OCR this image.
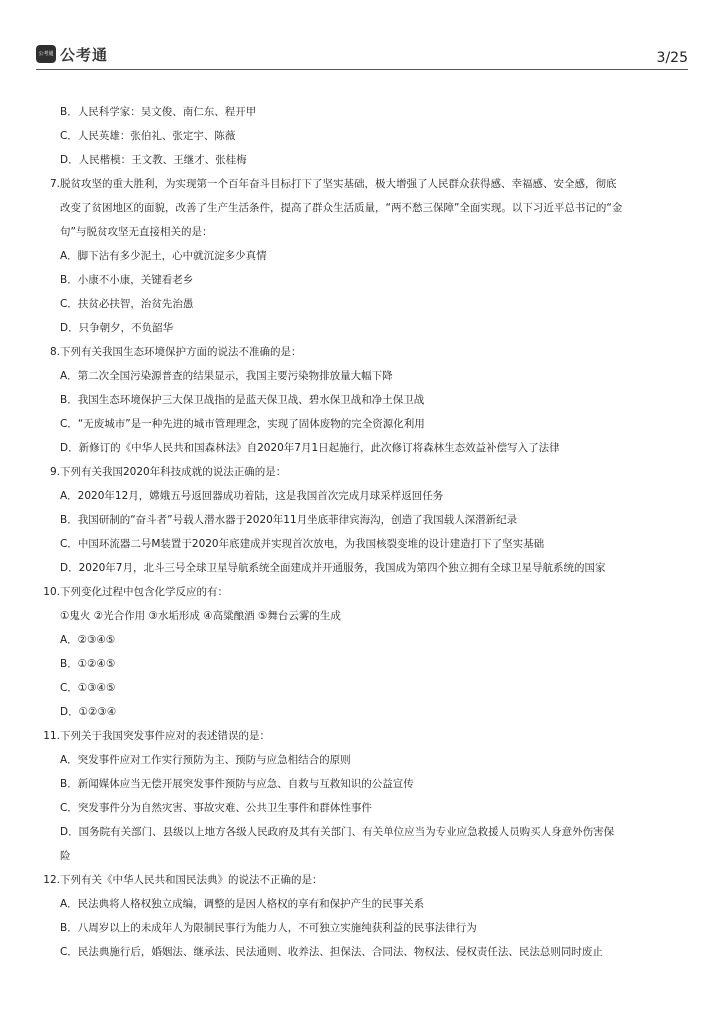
公考通 公考通	3/25
B．人民科学家：吴文俊、南仁东、程开甲
C．人民英雄：张伯礼、张定宇、陈薇
D．人民楷模：王文教、王继才、张桂梅
7. 脱贫攻坚的重大胜利，为实现第一个百年奋斗目标打下了坚实基础，极大增强了人民群众获得感、幸福感、安全感，彻底
改变了贫困地区的面貌，改善了生产生活条件，提高了群众生活质量，“两不愁三保障”全面实现。以下习近平总书记的“金
句”与脱贫攻坚无直接相关的是：
A．脚下沾有多少泥土，心中就沉淀多少真情
B．小康不小康，关键看老乡
C．扶贫必扶智，治贫先治愚
D．只争朝夕，不负韶华
8. 下列有关我国生态环境保护方面的说法不准确的是：
A．第二次全国污染源普查的结果显示，我国主要污染物排放量大幅下降
B．我国生态环境保护三大保卫战指的是蓝天保卫战、碧水保卫战和净土保卫战
C．“无废城市”是一种先进的城市管理理念，实现了固体废物的完全资源化利用
D．新修订的《中华人民共和国森林法》自2020年7月1日起施行，此次修订将森林生态效益补偿写入了法律
9. 下列有关我国2020年科技成就的说法正确的是：
A．2020年12月，嫦娥五号返回器成功着陆，这是我国首次完成月球采样返回任务
B．我国研制的“奋斗者”号载人潜水器于2020年11月坐底菲律宾海沟，创造了我国载人深潜新纪录
C．中国环流器二号M装置于2020年底建成并实现首次放电，为我国核裂变堆的设计建造打下了坚实基础
D．2020年7月，北斗三号全球卫星导航系统全面建成并开通服务，我国成为第四个独立拥有全球卫星导航系统的国家
10. 下列变化过程中包含化学反应的有：
①鬼火 ②光合作用 ③水垢形成 ④高粱酿酒 ⑤舞台云雾的生成
A．②③④⑤
B．①②④⑤
C．①③④⑤
D．①②③④
11. 下列关于我国突发事件应对的表述错误的是：
A．突发事件应对工作实行预防为主、预防与应急相结合的原则
B．新闻媒体应当无偿开展突发事件预防与应急、自救与互救知识的公益宣传
C．突发事件分为自然灾害、事故灾难、公共卫生事件和群体性事件
D．国务院有关部门、县级以上地方各级人民政府及其有关部门、有关单位应当为专业应急救援人员购买人身意外伤害保
险
12. 下列有关《中华人民共和国民法典》的说法不正确的是：
A．民法典将人格权独立成编，调整的是因人格权的享有和保护产生的民事关系
B．八周岁以上的未成年人为限制民事行为能力人，不可独立实施纯获利益的民事法律行为
C．民法典施行后，婚姻法、继承法、民法通则、收养法、担保法、合同法、物权法、侵权责任法、民法总则同时废止
